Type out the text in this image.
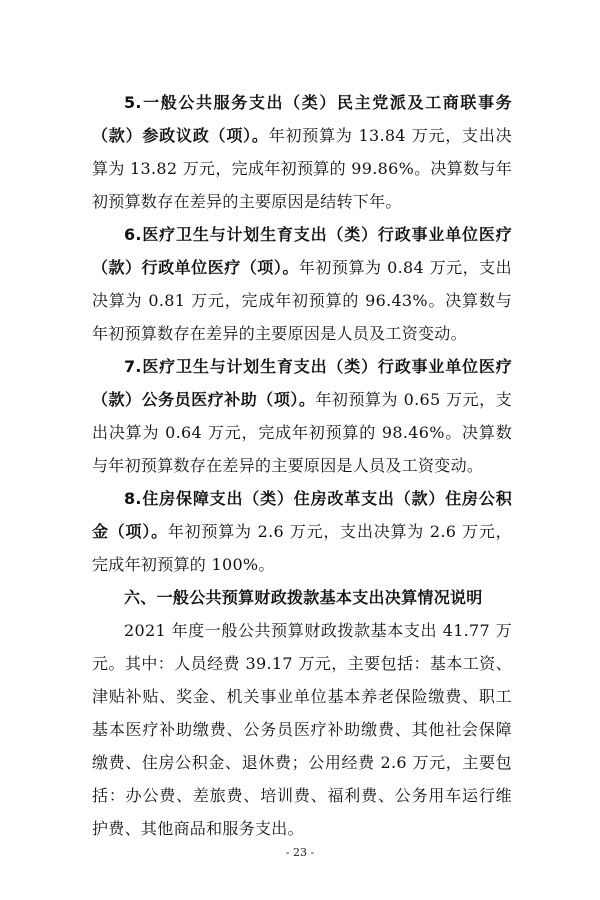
5.一般公共服务支出（类）民主党派及工商联事务（款）参政议政（项）。年初预算为 13.84 万元，支出决算为 13.82 万元，完成年初预算的 99.86%。决算数与年初预算数存在差异的主要原因是结转下年。

6.医疗卫生与计划生育支出（类）行政事业单位医疗（款）行政单位医疗（项）。年初预算为 0.84 万元，支出决算为 0.81 万元，完成年初预算的 96.43%。决算数与年初预算数存在差异的主要原因是人员及工资变动。

7.医疗卫生与计划生育支出（类）行政事业单位医疗（款）公务员医疗补助（项）。年初预算为 0.65 万元，支出决算为 0.64 万元，完成年初预算的 98.46%。决算数与年初预算数存在差异的主要原因是人员及工资变动。

8.住房保障支出（类）住房改革支出（款）住房公积金（项）。年初预算为 2.6 万元，支出决算为 2.6 万元，完成年初预算的 100%。

六、一般公共预算财政拨款基本支出决算情况说明

2021 年度一般公共预算财政拨款基本支出 41.77 万元。其中：人员经费 39.17 万元，主要包括：基本工资、津贴补贴、奖金、机关事业单位基本养老保险缴费、职工基本医疗补助缴费、公务员医疗补助缴费、其他社会保障缴费、住房公积金、退休费；公用经费 2.6 万元，主要包括：办公费、差旅费、培训费、福利费、公务用车运行维护费、其他商品和服务支出。

- 23 -
